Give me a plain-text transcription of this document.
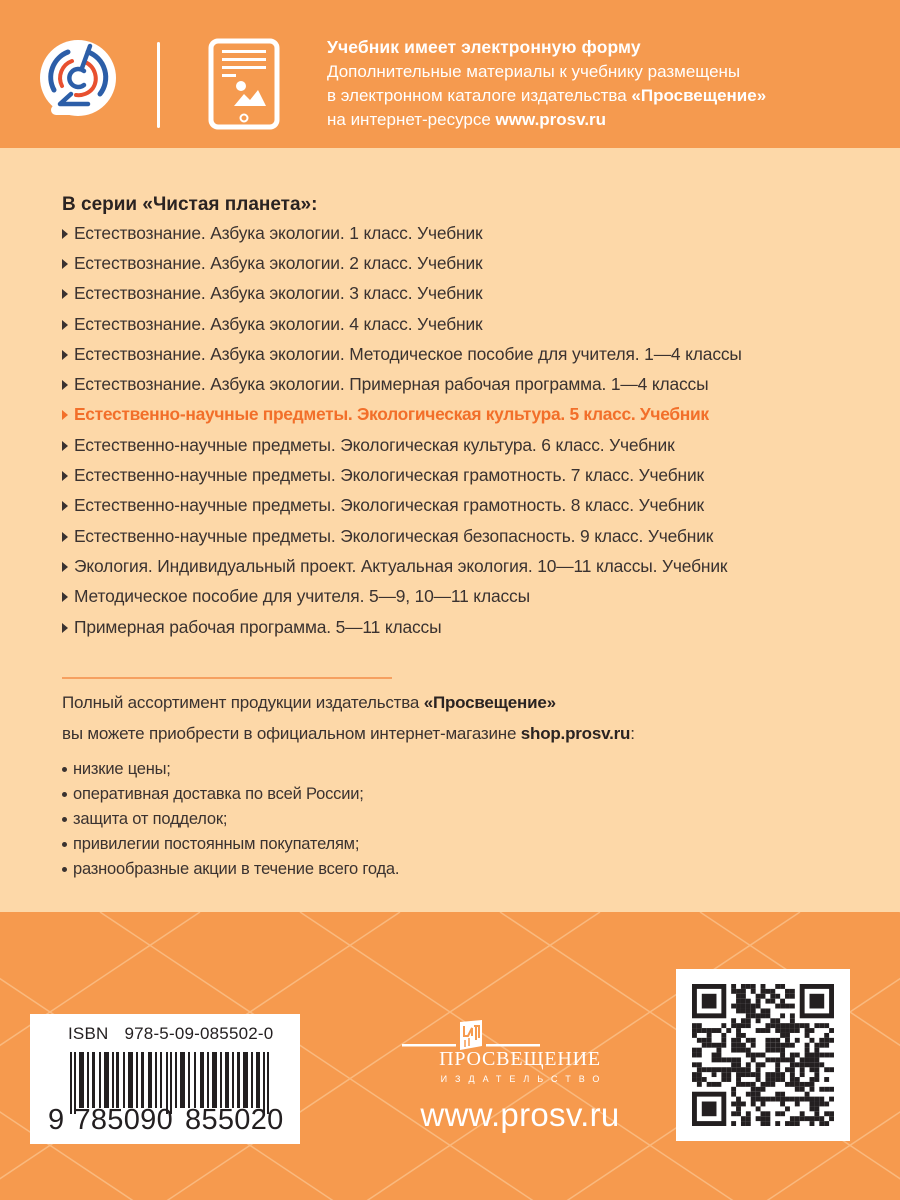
Учебник имеет электронную форму
Дополнительные материалы к учебнику размещены
в электронном каталоге издательства «Просвещение»
на интернет-ресурсе www.prosv.ru
В серии «Чистая планета»:
Естествознание. Азбука экологии. 1 класс. Учебник
Естествознание. Азбука экологии. 2 класс. Учебник
Естествознание. Азбука экологии. 3 класс. Учебник
Естествознание. Азбука экологии. 4 класс. Учебник
Естествознание. Азбука экологии. Методическое пособие для учителя. 1—4 классы
Естествознание. Азбука экологии. Примерная рабочая программа. 1—4 классы
Естественно-научные предметы. Экологическая культура. 5 класс. Учебник
Естественно-научные предметы. Экологическая культура. 6 класс. Учебник
Естественно-научные предметы. Экологическая грамотность. 7 класс. Учебник
Естественно-научные предметы. Экологическая грамотность. 8 класс. Учебник
Естественно-научные предметы. Экологическая безопасность. 9 класс. Учебник
Экология. Индивидуальный проект. Актуальная экология. 10—11 классы. Учебник
Методическое пособие для учителя. 5—9, 10—11 классы
Примерная рабочая программа. 5—11 классы
Полный ассортимент продукции издательства «Просвещение»
вы можете приобрести в официальном интернет-магазине shop.prosv.ru:
низкие цены;
оперативная доставка по всей России;
защита от подделок;
привилегии постоянным покупателям;
разнообразные акции в течение всего года.
ISBN 978-5-09-085502-0
9 785090 855020
ПРОСВЕЩЕНИЕ
ИЗДАТЕЛЬСТВО
www.prosv.ru
